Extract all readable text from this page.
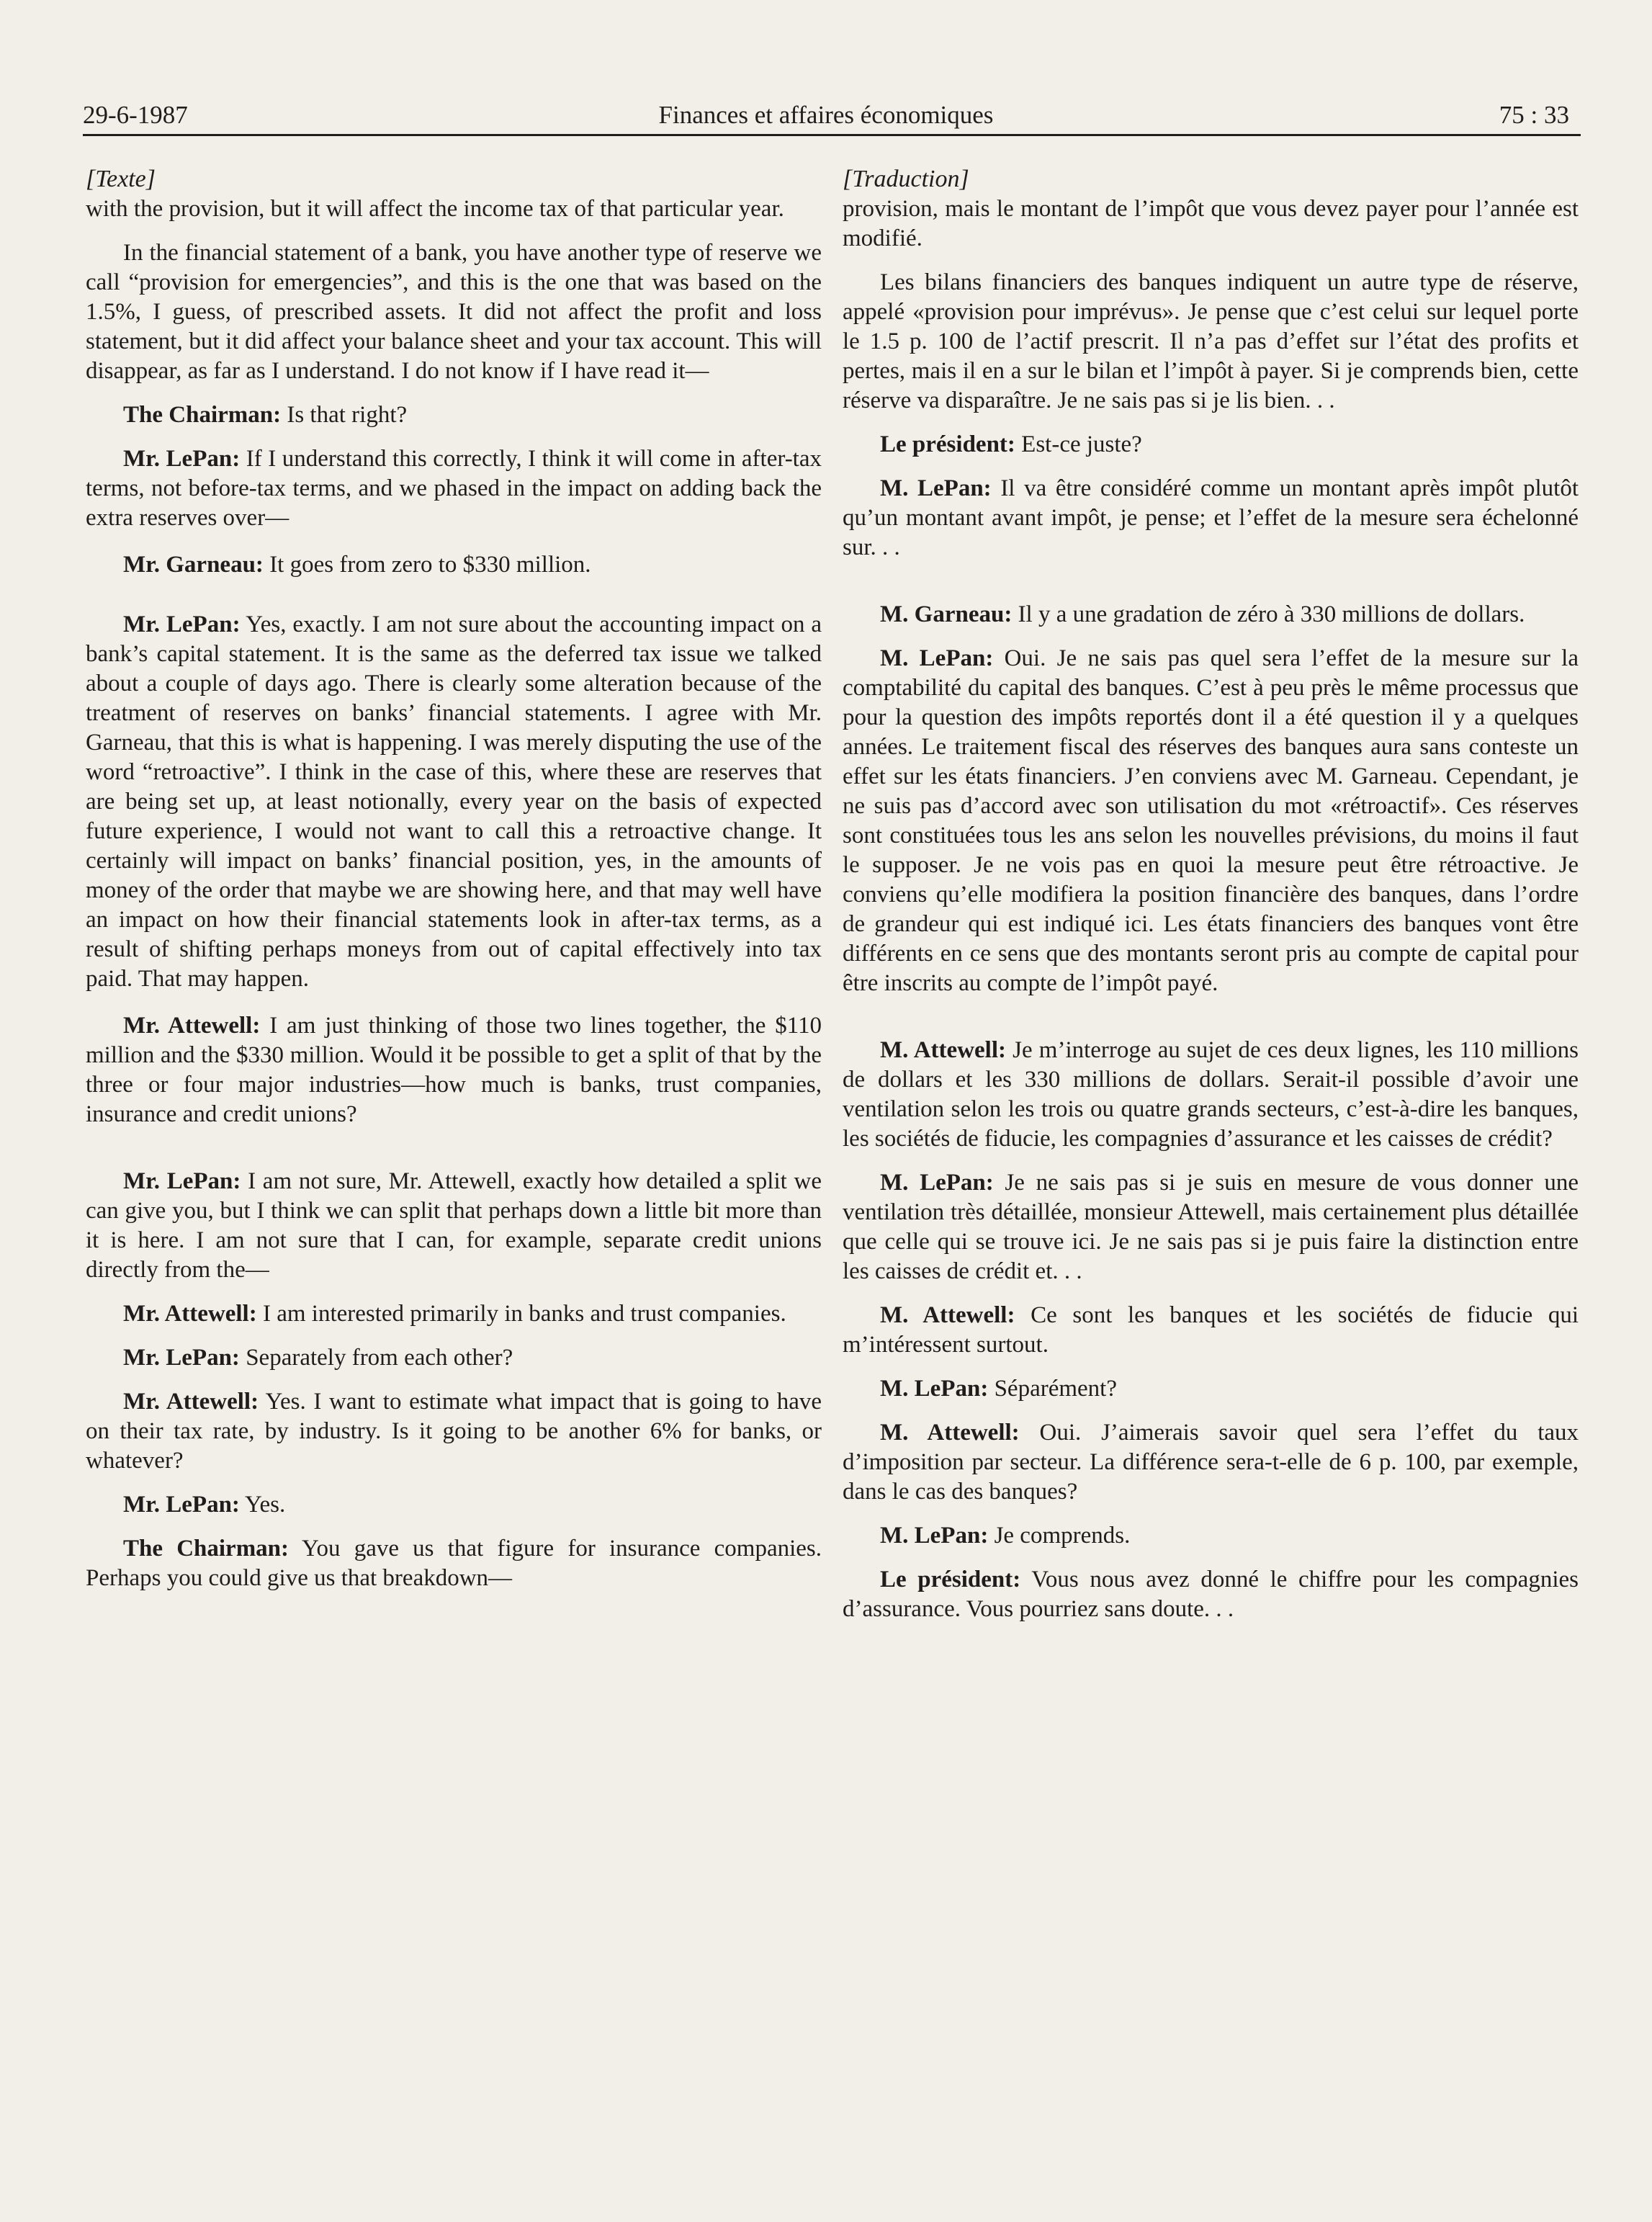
29-6-1987	Finances et affaires économiques	75 : 33
[Texte]

with the provision, but it will affect the income tax of that particular year.

In the financial statement of a bank, you have another type of reserve we call “provision for emergencies”, and this is the one that was based on the 1.5%, I guess, of prescribed assets. It did not affect the profit and loss statement, but it did affect your balance sheet and your tax account. This will disappear, as far as I understand. I do not know if I have read it—

The Chairman: Is that right?

Mr. LePan: If I understand this correctly, I think it will come in after-tax terms, not before-tax terms, and we phased in the impact on adding back the extra reserves over—

Mr. Garneau: It goes from zero to $330 million.

Mr. LePan: Yes, exactly. I am not sure about the accounting impact on a bank’s capital statement. It is the same as the deferred tax issue we talked about a couple of days ago. There is clearly some alteration because of the treatment of reserves on banks’ financial statements. I agree with Mr. Garneau, that this is what is happening. I was merely disputing the use of the word “retroactive”. I think in the case of this, where these are reserves that are being set up, at least notionally, every year on the basis of expected future experience, I would not want to call this a retroactive change. It certainly will impact on banks’ financial position, yes, in the amounts of money of the order that maybe we are showing here, and that may well have an impact on how their financial statements look in after-tax terms, as a result of shifting perhaps moneys from out of capital effectively into tax paid. That may happen.

Mr. Attewell: I am just thinking of those two lines together, the $110 million and the $330 million. Would it be possible to get a split of that by the three or four major industries—how much is banks, trust companies, insurance and credit unions?

Mr. LePan: I am not sure, Mr. Attewell, exactly how detailed a split we can give you, but I think we can split that perhaps down a little bit more than it is here. I am not sure that I can, for example, separate credit unions directly from the—

Mr. Attewell: I am interested primarily in banks and trust companies.

Mr. LePan: Separately from each other?

Mr. Attewell: Yes. I want to estimate what impact that is going to have on their tax rate, by industry. Is it going to be another 6% for banks, or whatever?

Mr. LePan: Yes.

The Chairman: You gave us that figure for insurance companies. Perhaps you could give us that breakdown—

[Traduction]

provision, mais le montant de l’impôt que vous devez payer pour l’année est modifié.

Les bilans financiers des banques indiquent un autre type de réserve, appelé «provision pour imprévus». Je pense que c’est celui sur lequel porte le 1.5 p. 100 de l’actif prescrit. Il n’a pas d’effet sur l’état des profits et pertes, mais il en a sur le bilan et l’impôt à payer. Si je comprends bien, cette réserve va disparaître. Je ne sais pas si je lis bien. . .

Le président: Est-ce juste?

M. LePan: Il va être considéré comme un montant après impôt plutôt qu’un montant avant impôt, je pense; et l’effet de la mesure sera échelonné sur. . .

M. Garneau: Il y a une gradation de zéro à 330 millions de dollars.

M. LePan: Oui. Je ne sais pas quel sera l’effet de la mesure sur la comptabilité du capital des banques. C’est à peu près le même processus que pour la question des impôts reportés dont il a été question il y a quelques années. Le traitement fiscal des réserves des banques aura sans conteste un effet sur les états financiers. J’en conviens avec M. Garneau. Cependant, je ne suis pas d’accord avec son utilisation du mot «rétroactif». Ces réserves sont constituées tous les ans selon les nouvelles prévisions, du moins il faut le supposer. Je ne vois pas en quoi la mesure peut être rétroactive. Je conviens qu’elle modifiera la position financière des banques, dans l’ordre de grandeur qui est indiqué ici. Les états financiers des banques vont être différents en ce sens que des montants seront pris au compte de capital pour être inscrits au compte de l’impôt payé.

M. Attewell: Je m’interroge au sujet de ces deux lignes, les 110 millions de dollars et les 330 millions de dollars. Serait-il possible d’avoir une ventilation selon les trois ou quatre grands secteurs, c’est-à-dire les banques, les sociétés de fiducie, les compagnies d’assurance et les caisses de crédit?

M. LePan: Je ne sais pas si je suis en mesure de vous donner une ventilation très détaillée, monsieur Attewell, mais certainement plus détaillée que celle qui se trouve ici. Je ne sais pas si je puis faire la distinction entre les caisses de crédit et. . .

M. Attewell: Ce sont les banques et les sociétés de fiducie qui m’intéressent surtout.

M. LePan: Séparément?

M. Attewell: Oui. J’aimerais savoir quel sera l’effet du taux d’imposition par secteur. La différence sera-t-elle de 6 p. 100, par exemple, dans le cas des banques?

M. LePan: Je comprends.

Le président: Vous nous avez donné le chiffre pour les compagnies d’assurance. Vous pourriez sans doute. . .
